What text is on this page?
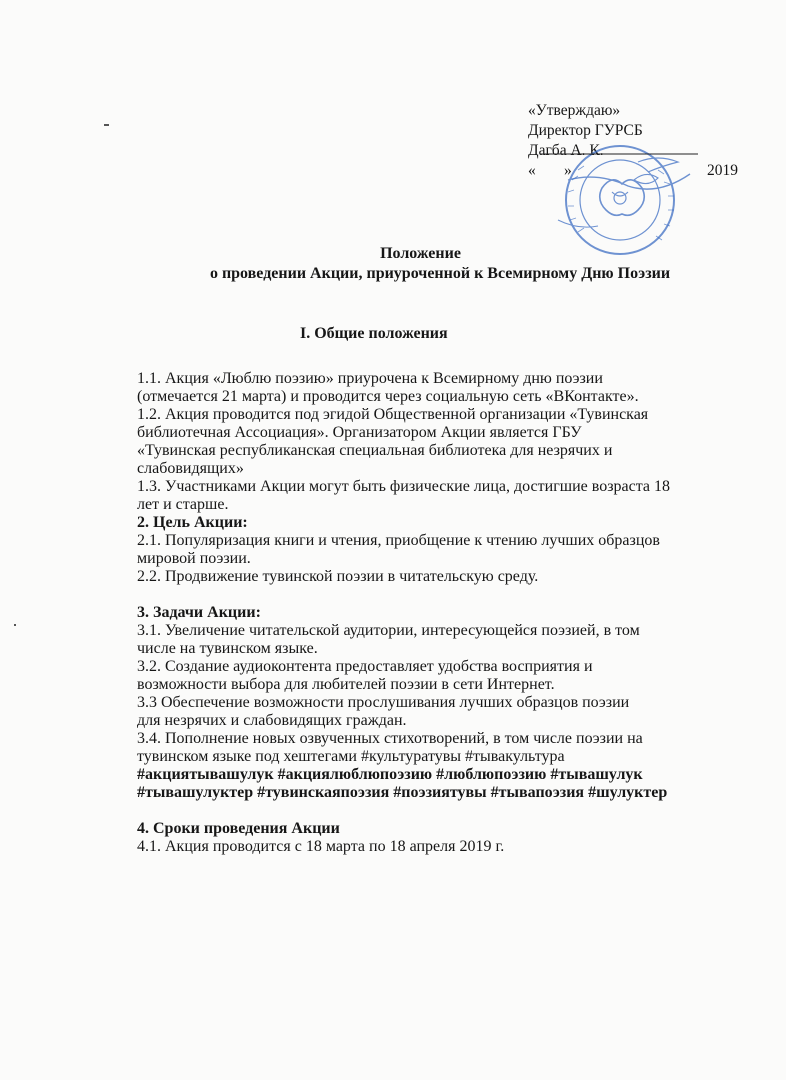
«Утверждаю»
Директор ГУРСБ
Дагба А. К.
« »	2019
Положение
о проведении Акции, приуроченной к Всемирному Дню Поэзии
I. Общие положения

1.1. Акция «Люблю поэзию» приурочена к Всемирному дню поэзии

(отмечается 21 марта) и проводится через социальную сеть «ВКонтакте».

1.2. Акция проводится под эгидой Общественной организации «Тувинская

библиотечная Ассоциация». Организатором Акции является ГБУ

«Тувинская республиканская специальная библиотека для незрячих и

слабовидящих»

1.3. Участниками Акции могут быть физические лица, достигшие возраста 18

лет и старше.

2. Цель Акции:

2.1. Популяризация книги и чтения, приобщение к чтению лучших образцов

мировой поэзии.

2.2. Продвижение тувинской поэзии в читательскую среду.

3. Задачи Акции:

3.1. Увеличение читательской аудитории, интересующейся поэзией, в том

числе на тувинском языке.

3.2. Создание аудиоконтента предоставляет удобства восприятия и

возможности выбора для любителей поэзии в сети Интернет.

3.3 Обеспечение возможности прослушивания лучших образцов поэзии

для незрячих и слабовидящих граждан.

3.4. Пополнение новых озвученных стихотворений, в том числе поэзии на

тувинском языке под хештегами #культуратувы #тывакультура

#акциятывашулук #акциялюблюпоэзию #люблюпоэзию #тывашулук

#тывашулуктер #тувинскаяпоэзия #поэзиятувы #тывапоэзия #шулуктер

4. Сроки проведения Акции

4.1. Акция проводится с 18 марта по 18 апреля 2019 г.
